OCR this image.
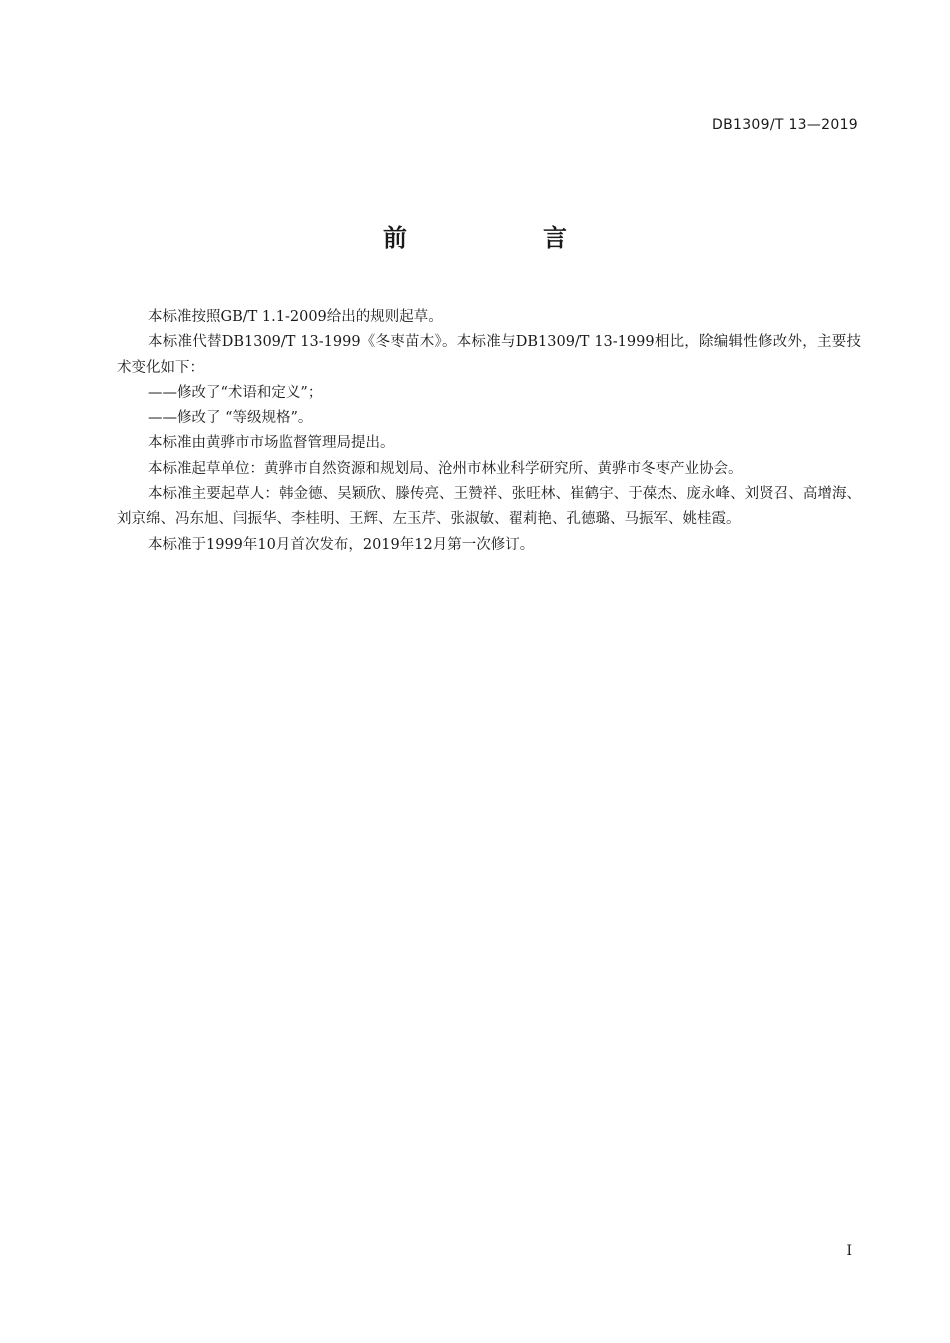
DB1309/T 13—2019
前　言

本标准按照GB/T 1.1-2009给出的规则起草。

本标准代替DB1309/T 13-1999《冬枣苗木》。本标准与DB1309/T 13-1999相比，除编辑性修改外，主要技术变化如下：

——修改了“术语和定义”；

——修改了 “等级规格”。

本标准由黄骅市市场监督管理局提出。

本标准起草单位：黄骅市自然资源和规划局、沧州市林业科学研究所、黄骅市冬枣产业协会。

本标准主要起草人：韩金德、吴颖欣、滕传亮、王赞祥、张旺林、崔鹤宇、于葆杰、庞永峰、刘贤召、高增海、刘京绵、冯东旭、闫振华、李桂明、王辉、左玉芹、张淑敏、翟莉艳、孔德璐、马振军、姚桂霞。

本标准于1999年10月首次发布，2019年12月第一次修订。

I
